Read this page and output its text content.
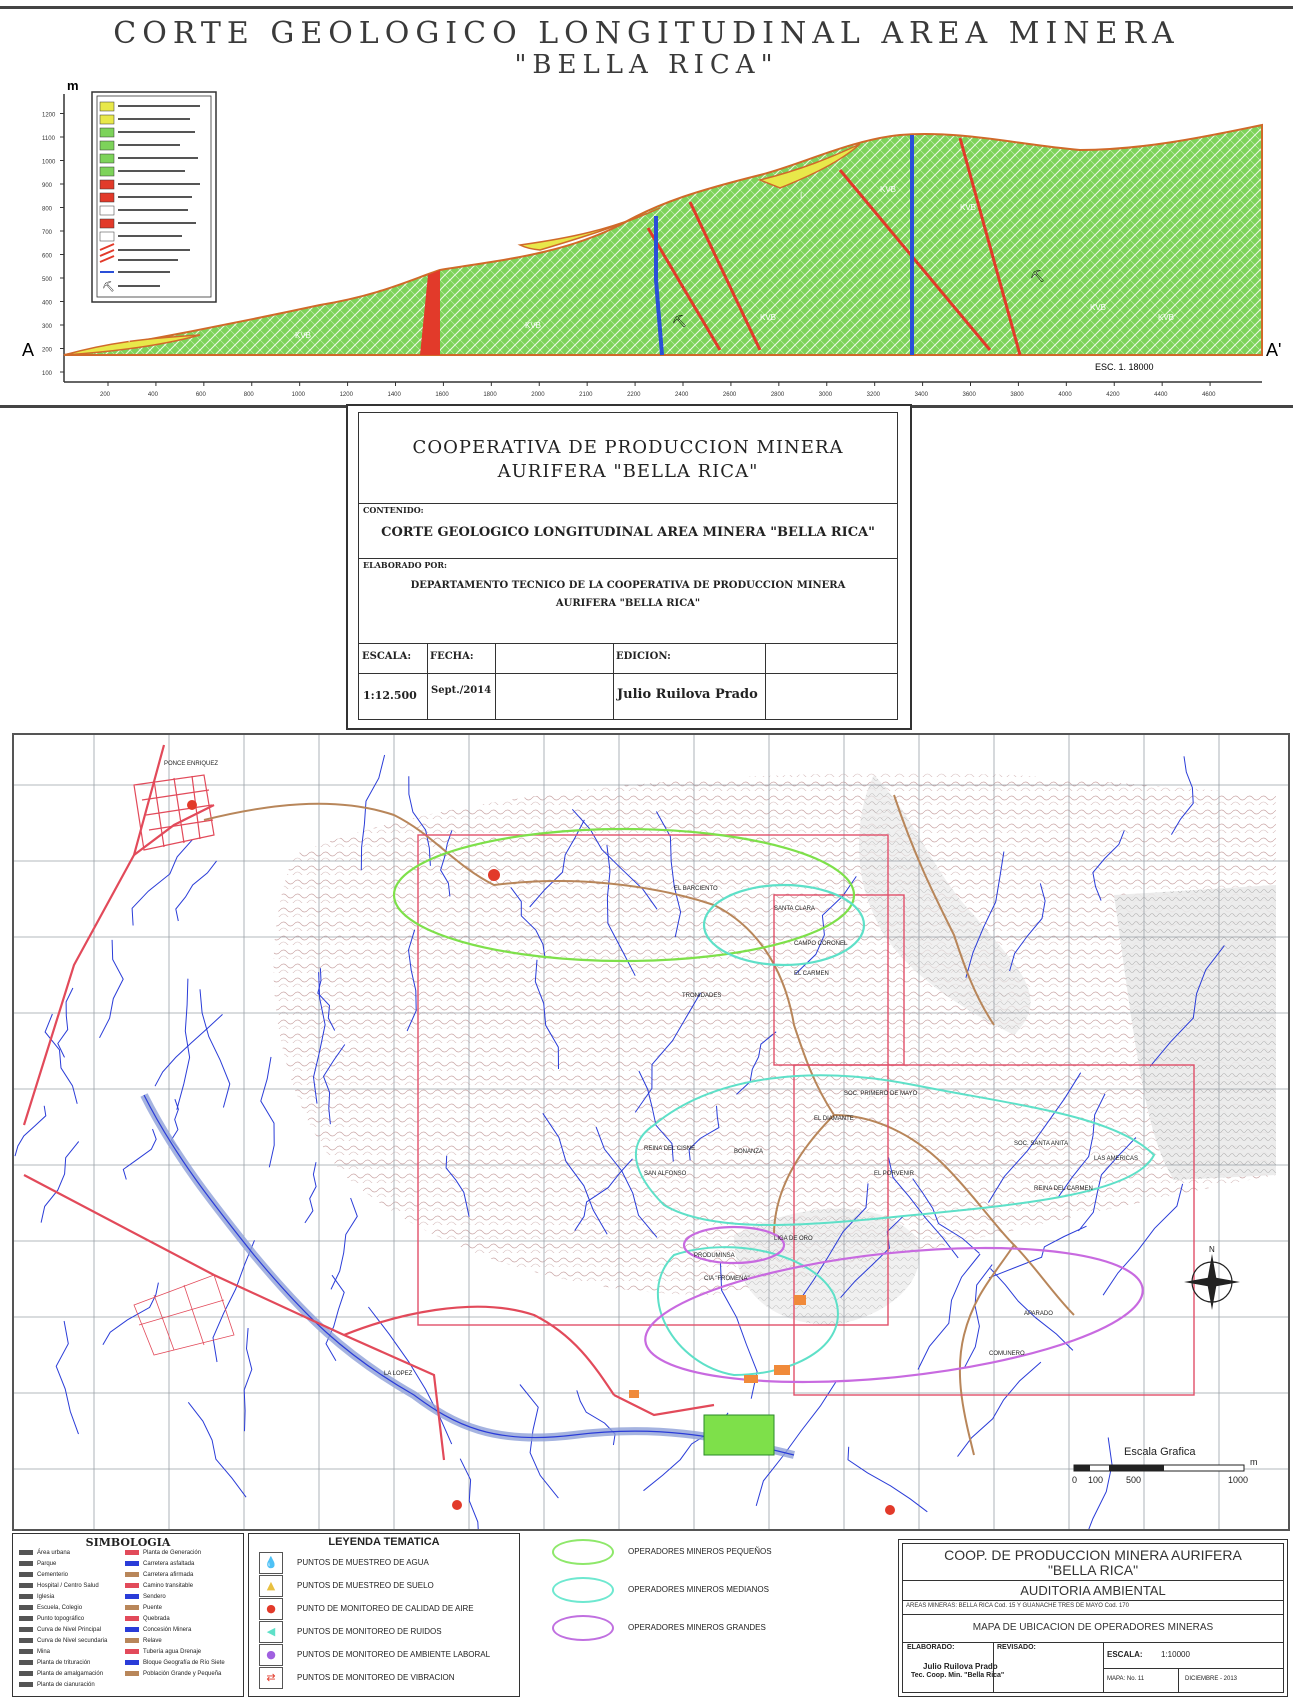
CORTE GEOLOGICO LONGITUDINAL AREA MINERA
"BELLA RICA"
m
100
200
300
400
500
600
700
800
900
1000
1100
1200
200	400	600	800	1000	1200	1400	1600	1800	2000	2100	2200	2400	2600	2800	3000	3200	3400	3600	3800	4000	4200	4400	4600
I	KVB
KVB
KVB
I
KVB
KVB
KVB
KVB
⛏
⛏
A	A'
ESC. 1. 18000
⛏
COOPERATIVA DE PRODUCCION MINERA
AURIFERA "BELLA RICA"
CONTENIDO:
CORTE GEOLOGICO LONGITUDINAL AREA MINERA "BELLA RICA"
ELABORADO POR:
DEPARTAMENTO TECNICO DE LA COOPERATIVA DE PRODUCCION MINERA
AURIFERA "BELLA RICA"
ESCALA:
1:12.500
FECHA:
Sept./2014
EDICION:
Julio Ruilova Prado
PONCE ENRIQUEZ
LA LOPEZ
EL BARCIENTO
SANTA CLARA
CAMPO CORONEL
EL CARMEN
TRONIDADES
SOC. PRIMERO DE MAYO
EL DIAMANTE
SOC. SANTA ANITA
LAS AMERICAS
REINA DEL CISNE
SAN ALFONSO
BONANZA
EL PORVENIR
REINA DEL CARMEN
CIA "FROMENA"
PRODUMINSA
LIGA DE ORO
APARADO
COMUNERO
N
Escala Grafica
m
0 100	500	1000
SIMBOLOGIA
Área urbana
Parque
Cementerio
Hospital / Centro Salud
Iglesia
Escuela, Colegio
Punto topográfico
Curva de Nivel Principal
Curva de Nivel secundaria
Mina
Planta de trituración
Planta de amalgamación
Planta de cianuración
Planta de Generación
Carretera asfaltada
Carretera afirmada
Camino transitable
Sendero
Puente
Quebrada
Concesión Minera
Relave
Tubería agua Drenaje
Bloque Geografía de Río Siete
Población Grande y Pequeña
LEYENDA TEMATICA
💧	PUNTOS DE MUESTREO DE AGUA
▲	PUNTOS DE MUESTREO DE SUELO
●	PUNTO DE MONITOREO DE CALIDAD DE AIRE
◀	PUNTOS DE MONITOREO DE RUIDOS
●	PUNTOS DE MONITOREO DE AMBIENTE LABORAL
⇄	PUNTOS DE MONITOREO DE VIBRACION
OPERADORES MINEROS PEQUEÑOS
OPERADORES MINEROS MEDIANOS
OPERADORES MINEROS GRANDES
COOP. DE PRODUCCION MINERA AURIFERA
"BELLA RICA"
AUDITORIA AMBIENTAL
AREAS MINERAS: BELLA RICA Cod. 15 Y GUANACHE TRES DE MAYO Cod. 170
MAPA DE UBICACION DE OPERADORES MINERAS
ELABORADO:	REVISADO:
ESCALA: 1:10000
Julio Ruilova Prado
Tec. Coop. Min. "Bella Rica"	MAPA: No. 11	DICIEMBRE - 2013
